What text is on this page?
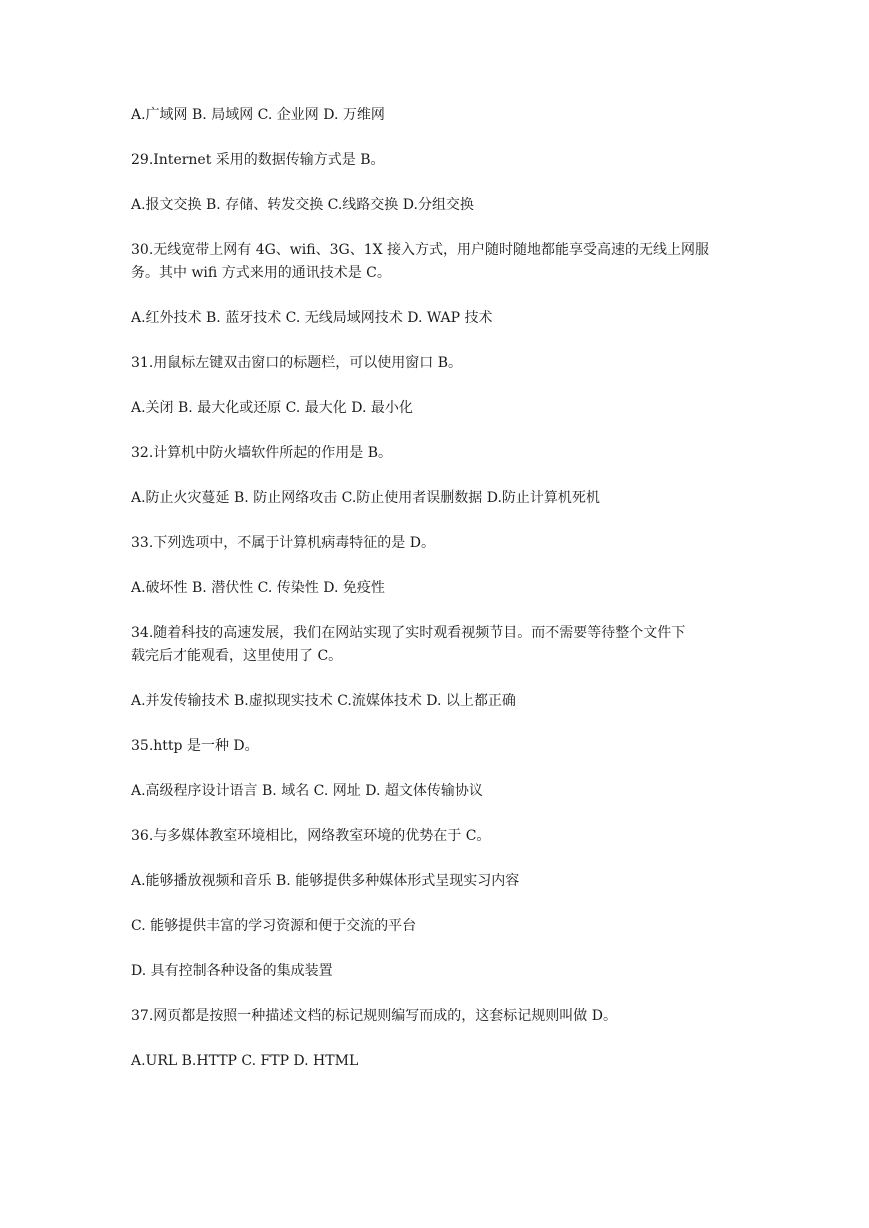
A.广域网 B. 局域网 C. 企业网 D. 万维网

29.Internet 采用的数据传输方式是 B。

A.报文交换 B. 存储、转发交换 C.线路交换 D.分组交换

30.无线宽带上网有 4G、wifi、3G、1X 接入方式，用户随时随地都能享受高速的无线上网服

务。其中 wifi 方式来用的通讯技术是 C。

A.红外技术 B. 蓝牙技术 C. 无线局域网技术 D. WAP 技术

31.用鼠标左键双击窗口的标题栏，可以使用窗口 B。

A.关闭 B. 最大化或还原 C. 最大化 D. 最小化

32.计算机中防火墙软件所起的作用是 B。

A.防止火灾蔓延 B. 防止网络攻击 C.防止使用者误删数据 D.防止计算机死机

33.下列选项中，不属于计算机病毒特征的是 D。

A.破坏性 B. 潜伏性 C. 传染性 D. 免疫性

34.随着科技的高速发展，我们在网站实现了实时观看视频节目。而不需要等待整个文件下

载完后才能观看，这里使用了 C。

A.并发传输技术 B.虚拟现实技术 C.流媒体技术 D. 以上都正确

35.http 是一种 D。

A.高级程序设计语言 B. 域名 C. 网址 D. 超文体传输协议

36.与多媒体教室环境相比，网络教室环境的优势在于 C。

A.能够播放视频和音乐 B. 能够提供多种媒体形式呈现实习内容

C. 能够提供丰富的学习资源和便于交流的平台

D. 具有控制各种设备的集成装置

37.网页都是按照一种描述文档的标记规则编写而成的，这套标记规则叫做 D。

A.URL B.HTTP C. FTP D. HTML
